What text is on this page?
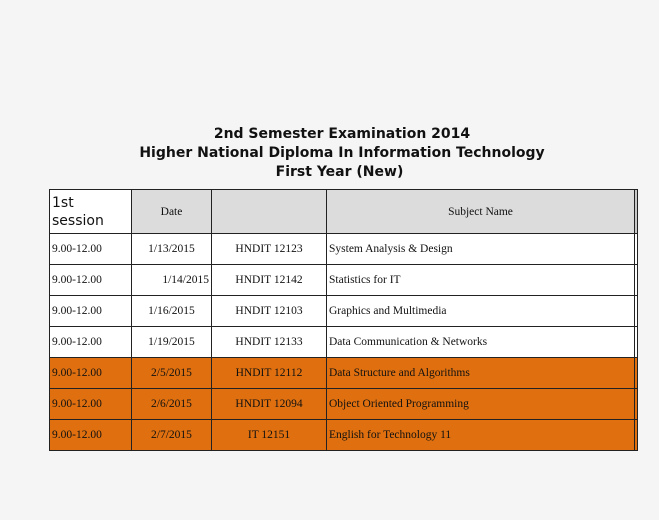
2nd Semester Examination 2014
Higher National Diploma In Information Technology
First Year (New)
1st session	Date		Subject Name	
9.00-12.00	1/13/2015	HNDIT 12123	System Analysis & Design	
9.00-12.00	1/14/2015	HNDIT 12142	Statistics for IT	
9.00-12.00	1/16/2015	HNDIT 12103	Graphics and Multimedia	
9.00-12.00	1/19/2015	HNDIT 12133	Data Communication & Networks	
9.00-12.00	2/5/2015	HNDIT 12112	Data Structure and Algorithms	
9.00-12.00	2/6/2015	HNDIT 12094	Object Oriented Programming	
9.00-12.00	2/7/2015	IT 12151	English for Technology 11	
